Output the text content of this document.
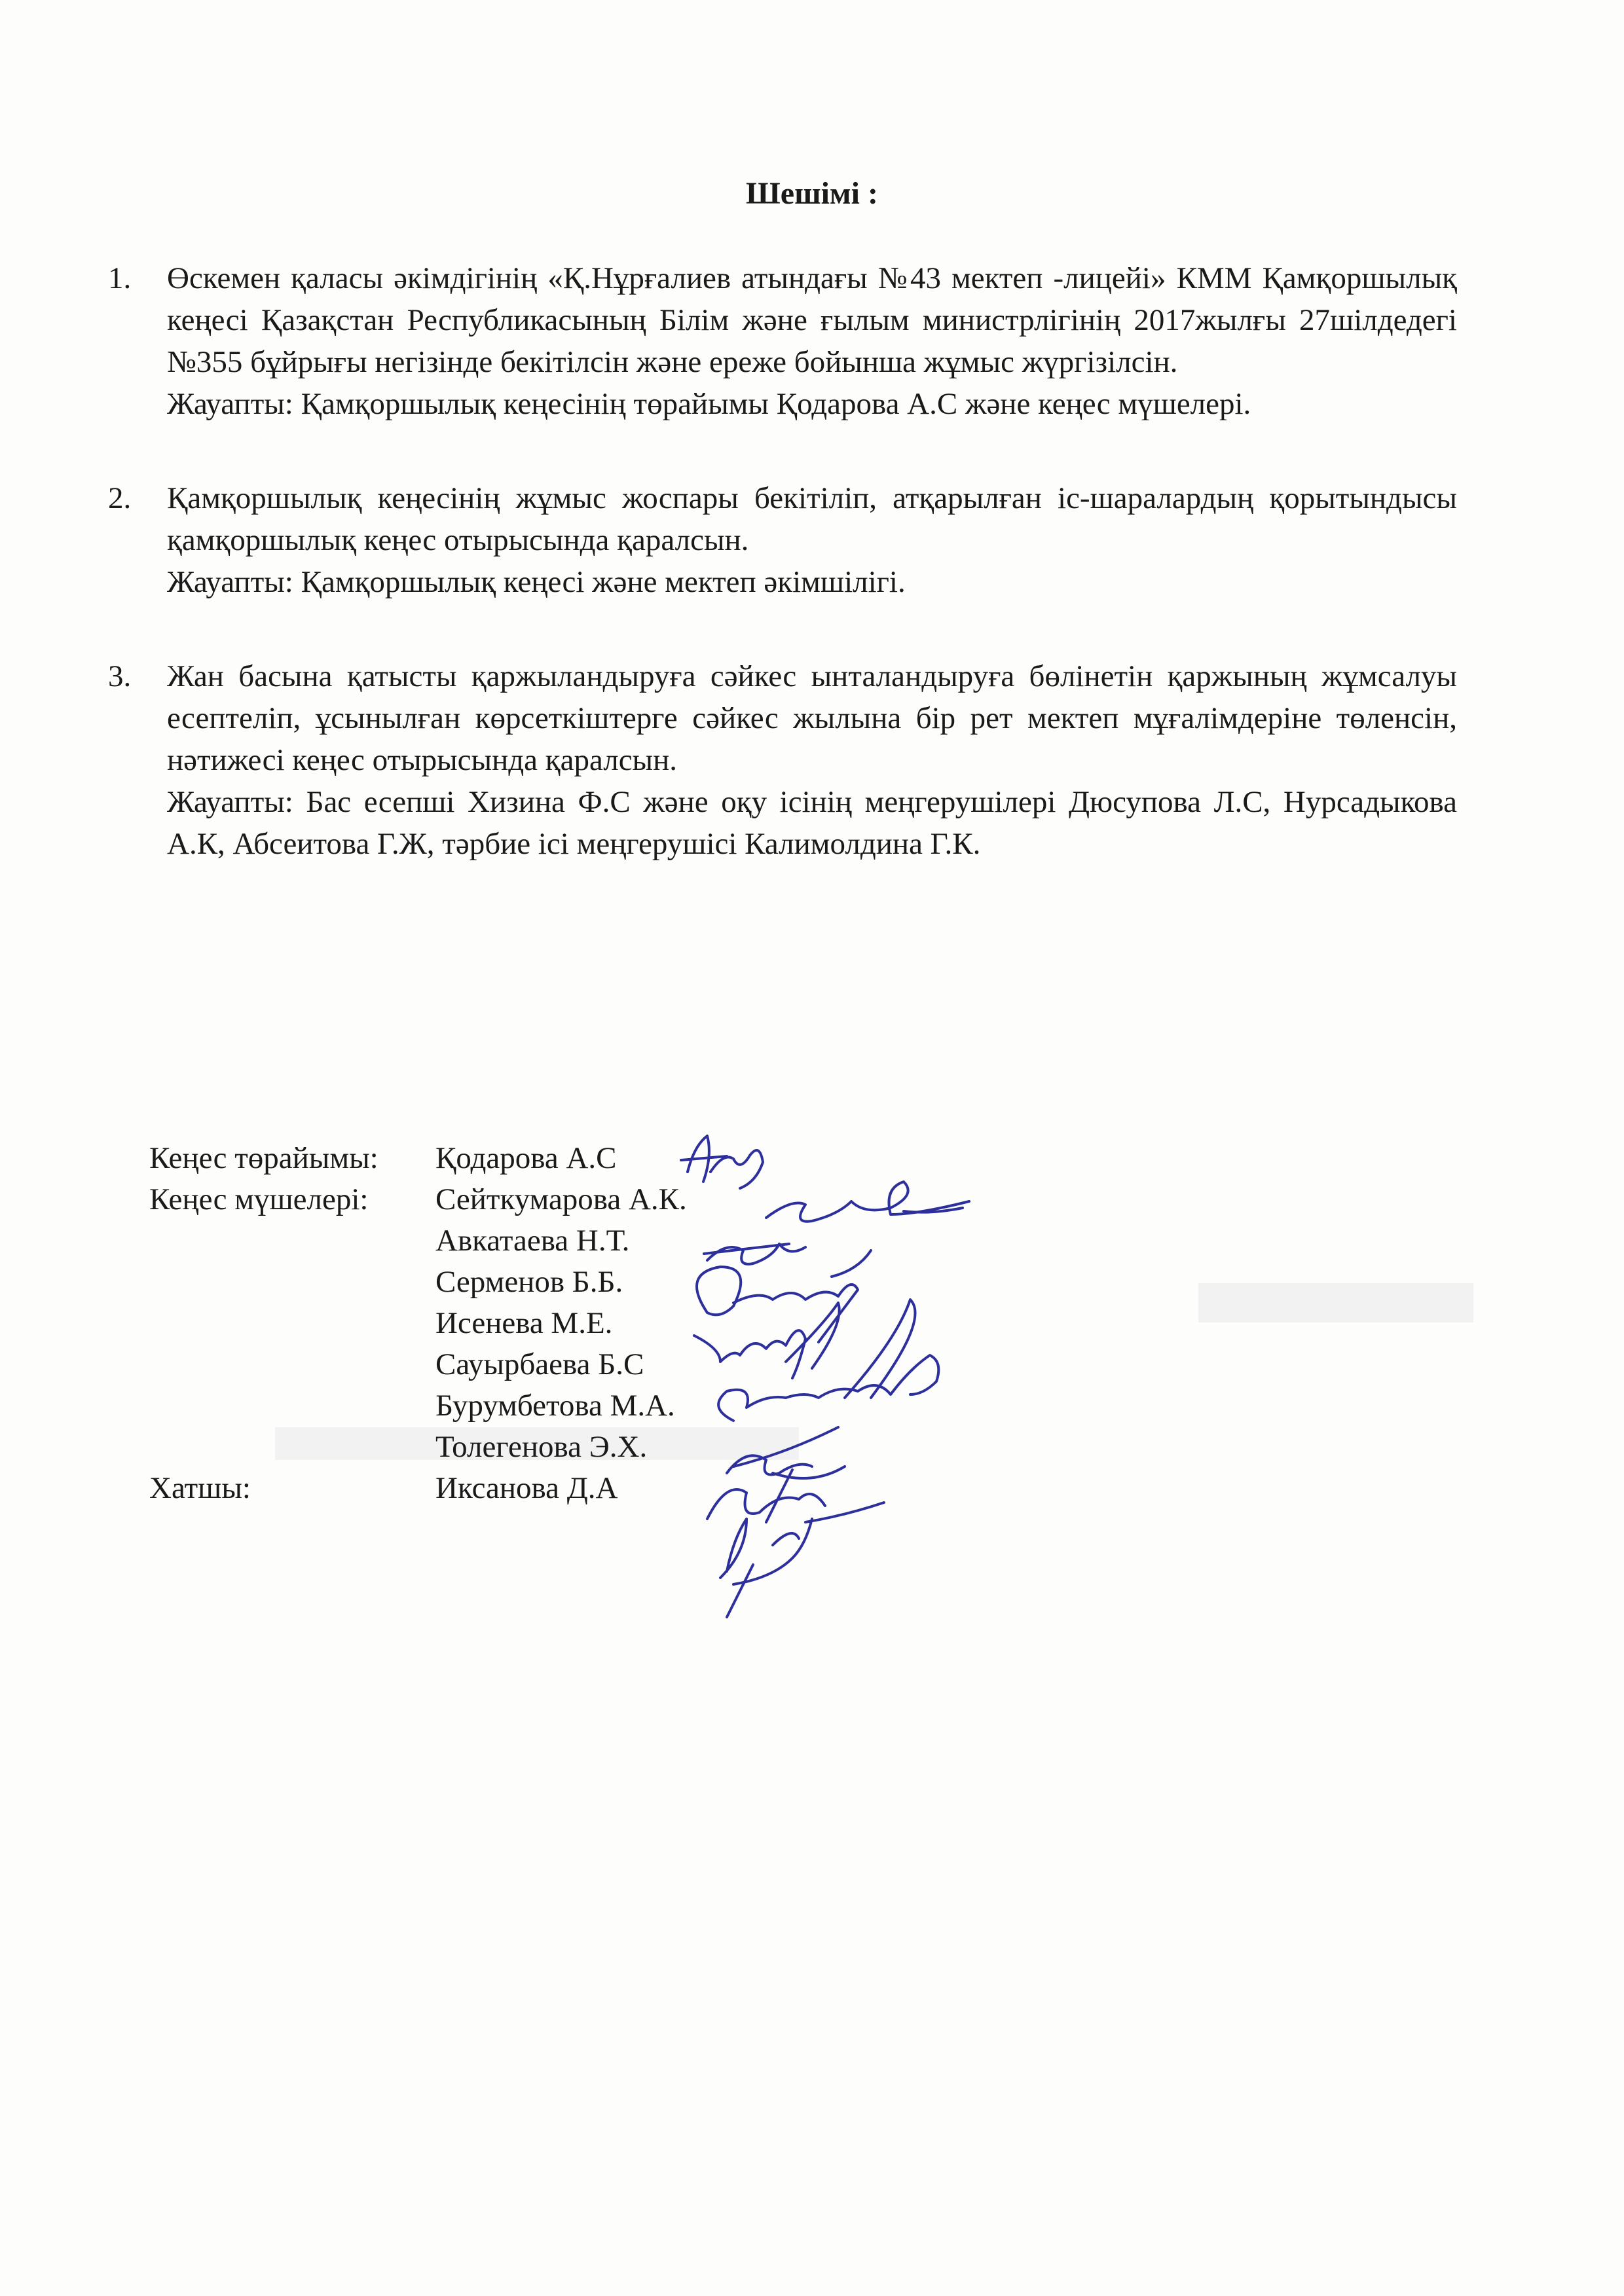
Шешімі :
1. Өскемен қаласы әкімдігінің «Қ.Нұрғалиев атындағы №43 мектеп -лицейі» КММ Қамқоршылық кеңесі Қазақстан Республикасының Білім және ғылым министрлігінің 2017жылғы 27шілдедегі №355 бұйрығы негізінде бекітілсін және ереже бойынша жұмыс жүргізілсін.
Жауапты: Қамқоршылық кеңесінің төрайымы Қодарова А.С және кеңес мүшелері.
2. Қамқоршылық кеңесінің жұмыс жоспары бекітіліп, атқарылған іс-шаралардың қорытындысы қамқоршылық кеңес отырысында қаралсын.
Жауапты: Қамқоршылық кеңесі және мектеп әкімшілігі.
3. Жан басына қатысты қаржыландыруға сәйкес ынталандыруға бөлінетін қаржының жұмсалуы есептеліп, ұсынылған көрсеткіштерге сәйкес жылына бір рет мектеп мұғалімдеріне төленсін, нәтижесі кеңес отырысында қаралсын.
Жауапты: Бас есепші Хизина Ф.С және оқу ісінің меңгерушілері Дюсупова Л.С, Нурсадыкова А.К, Абсеитова Г.Ж, тәрбие ісі меңгерушісі Калимолдина Г.К.
Кеңес төрайымы:	Қодарова А.С
Кеңес мүшелері:	Сейткумарова А.К.
Авкатаева Н.Т.
Серменов Б.Б.
Исенева М.Е.
Сауырбаева Б.С
Бурумбетова М.А.
Толегенова Э.Х.
Хатшы:	Иксанова Д.А
